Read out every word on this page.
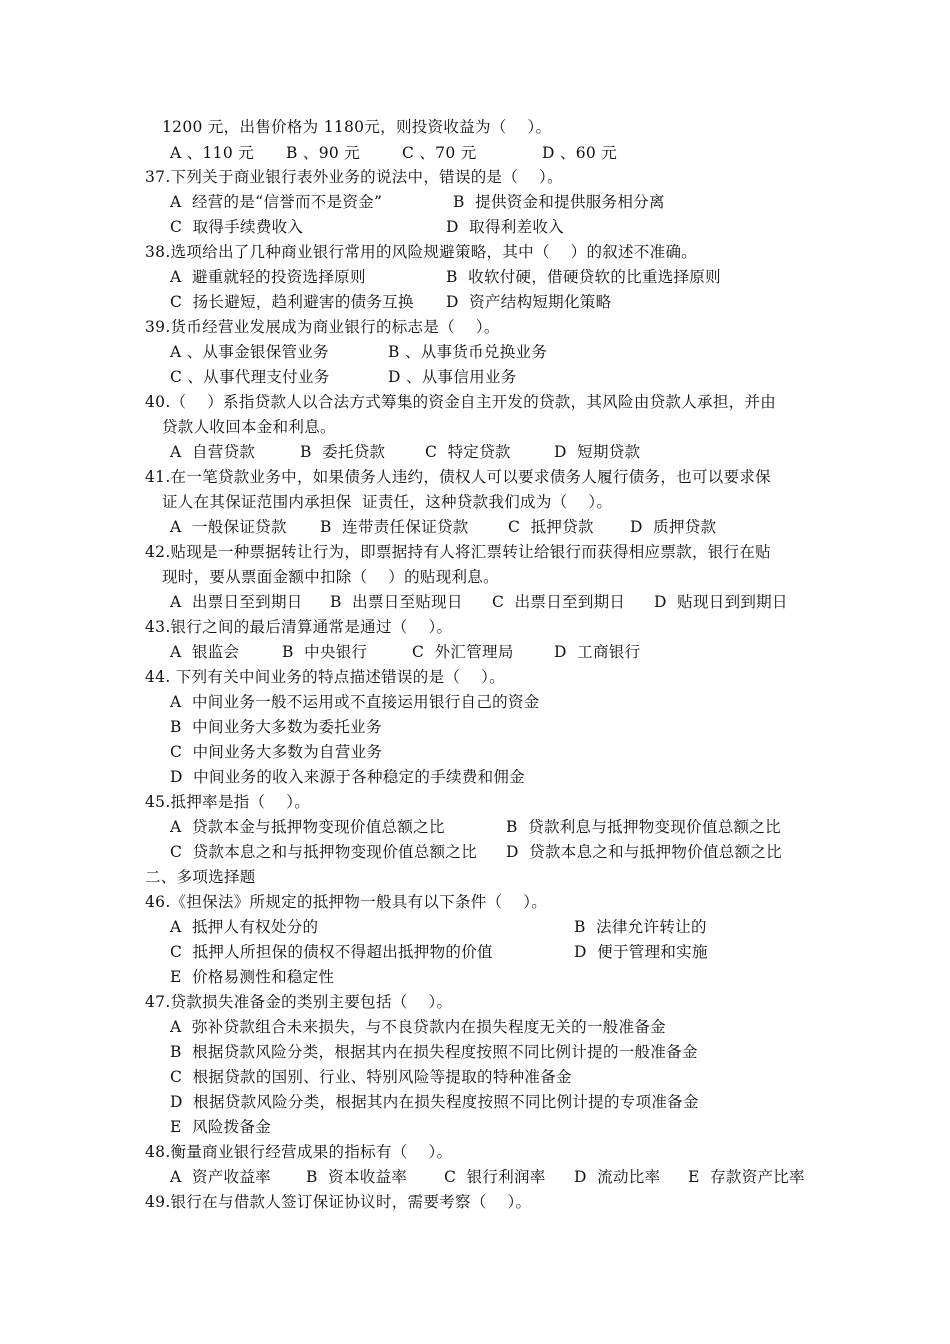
1200 元，出售价格为 1180元，则投资收益为（    ）。
A 、110 元 B 、90 元	C 、70 元	D 、60 元
37.下列关于商业银行表外业务的说法中，错误的是（    ）。
A  经营的是“信誉而不是资金”	B  提供资金和提供服务相分离
C  取得手续费收入	D  取得利差收入
38.选项给出了几种商业银行常用的风险规避策略，其中（    ）的叙述不准确。
A  避重就轻的投资选择原则	B  收软付硬，借硬贷软的比重选择原则
C  扬长避短，趋利避害的债务互换 D  资产结构短期化策略
39.货币经营业发展成为商业银行的标志是（    ）。
A 、从事金银保管业务	B 、从事货币兑换业务
C 、从事代理支付业务	D 、从事信用业务
40.（    ）系指贷款人以合法方式筹集的资金自主开发的贷款，其风险由贷款人承担，并由
贷款人收回本金和利息。
A  自营贷款	B  委托贷款	C  特定贷款	D  短期贷款
41.在一笔贷款业务中，如果债务人违约，债权人可以要求债务人履行债务，也可以要求保
证人在其保证范围内承担保  证责任，这种贷款我们成为（    ）。
A  一般保证贷款 B  连带责任保证贷款	C  抵押贷款 D  质押贷款
42.贴现是一种票据转让行为，即票据持有人将汇票转让给银行而获得相应票款，银行在贴
现时，要从票面金额中扣除（    ）的贴现利息。
A  出票日至到期日 B  出票日至贴现日 C  出票日至到期日 D  贴现日到到期日
43.银行之间的最后清算通常是通过（    ）。
A  银监会	B  中央银行	C  外汇管理局	D  工商银行
44. 下列有关中间业务的特点描述错误的是（    ）。
A  中间业务一般不运用或不直接运用银行自己的资金
B  中间业务大多数为委托业务
C  中间业务大多数为自营业务
D  中间业务的收入来源于各种稳定的手续费和佣金
45.抵押率是指（    ）。
A  贷款本金与抵押物变现价值总额之比	B  贷款利息与抵押物变现价值总额之比
C  贷款本息之和与抵押物变现价值总额之比 D  贷款本息之和与抵押物价值总额之比
二、多项选择题
46.《担保法》所规定的抵押物一般具有以下条件（    ）。
A  抵押人有权处分的	B  法律允许转让的
C  抵押人所担保的债权不得超出抵押物的价值	D  便于管理和实施
E  价格易测性和稳定性
47.贷款损失准备金的类别主要包括（    ）。
A  弥补贷款组合未来损失，与不良贷款内在损失程度无关的一般准备金
B  根据贷款风险分类，根据其内在损失程度按照不同比例计提的一般准备金
C  根据贷款的国别、行业、特别风险等提取的特种准备金
D  根据贷款风险分类，根据其内在损失程度按照不同比例计提的专项准备金
E  风险拨备金
48.衡量商业银行经营成果的指标有（    ）。
A  资产收益率 B  资本收益率 C  银行利润率 D  流动比率 E  存款资产比率
49.银行在与借款人签订保证协议时，需要考察（    ）。
